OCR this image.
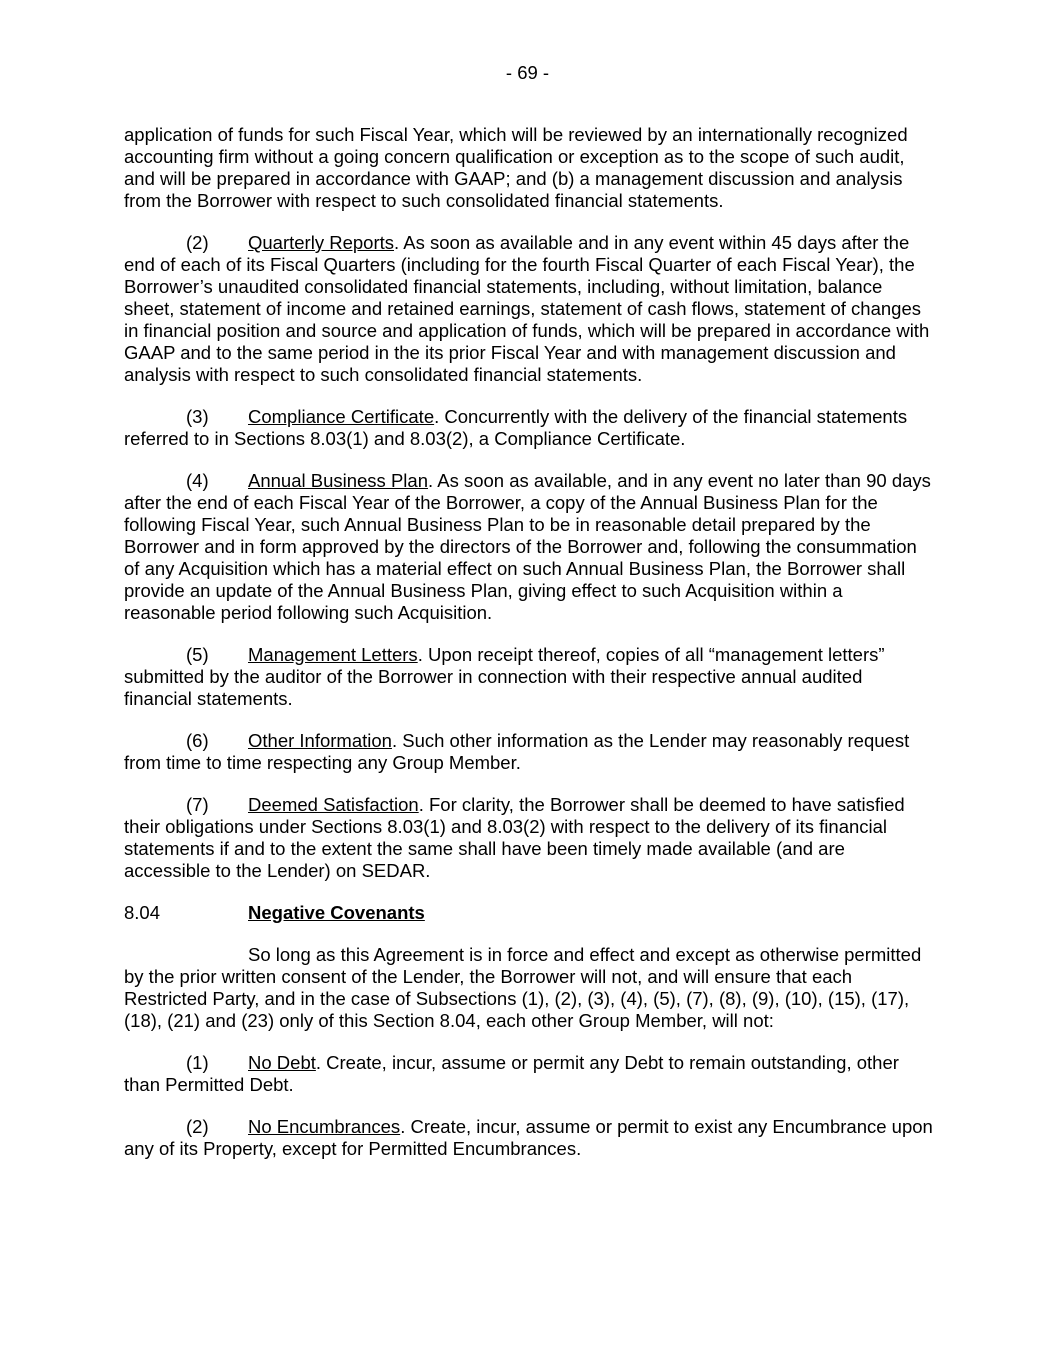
- 69 -

application of funds for such Fiscal Year, which will be reviewed by an internationally recognized accounting firm without a going concern qualification or exception as to the scope of such audit, and will be prepared in accordance with GAAP; and (b) a management discussion and analysis from the Borrower with respect to such consolidated financial statements.

(2) Quarterly Reports. As soon as available and in any event within 45 days after the end of each of its Fiscal Quarters (including for the fourth Fiscal Quarter of each Fiscal Year), the Borrower’s unaudited consolidated financial statements, including, without limitation, balance sheet, statement of income and retained earnings, statement of cash flows, statement of changes in financial position and source and application of funds, which will be prepared in accordance with GAAP and to the same period in the its prior Fiscal Year and with management discussion and analysis with respect to such consolidated financial statements.

(3) Compliance Certificate. Concurrently with the delivery of the financial statements referred to in Sections 8.03(1) and 8.03(2), a Compliance Certificate.

(4) Annual Business Plan. As soon as available, and in any event no later than 90 days after the end of each Fiscal Year of the Borrower, a copy of the Annual Business Plan for the following Fiscal Year, such Annual Business Plan to be in reasonable detail prepared by the Borrower and in form approved by the directors of the Borrower and, following the consummation of any Acquisition which has a material effect on such Annual Business Plan, the Borrower shall provide an update of the Annual Business Plan, giving effect to such Acquisition within a reasonable period following such Acquisition.

(5) Management Letters. Upon receipt thereof, copies of all “management letters” submitted by the auditor of the Borrower in connection with their respective annual audited financial statements.

(6) Other Information. Such other information as the Lender may reasonably request from time to time respecting any Group Member.

(7) Deemed Satisfaction. For clarity, the Borrower shall be deemed to have satisfied their obligations under Sections 8.03(1) and 8.03(2) with respect to the delivery of its financial statements if and to the extent the same shall have been timely made available (and are accessible to the Lender) on SEDAR.

8.04	Negative Covenants

So long as this Agreement is in force and effect and except as otherwise permitted by the prior written consent of the Lender, the Borrower will not, and will ensure that each Restricted Party, and in the case of Subsections (1), (2), (3), (4), (5), (7), (8), (9), (10), (15), (17), (18), (21) and (23) only of this Section 8.04, each other Group Member, will not:

(1) No Debt. Create, incur, assume or permit any Debt to remain outstanding, other than Permitted Debt.

(2) No Encumbrances. Create, incur, assume or permit to exist any Encumbrance upon any of its Property, except for Permitted Encumbrances.
